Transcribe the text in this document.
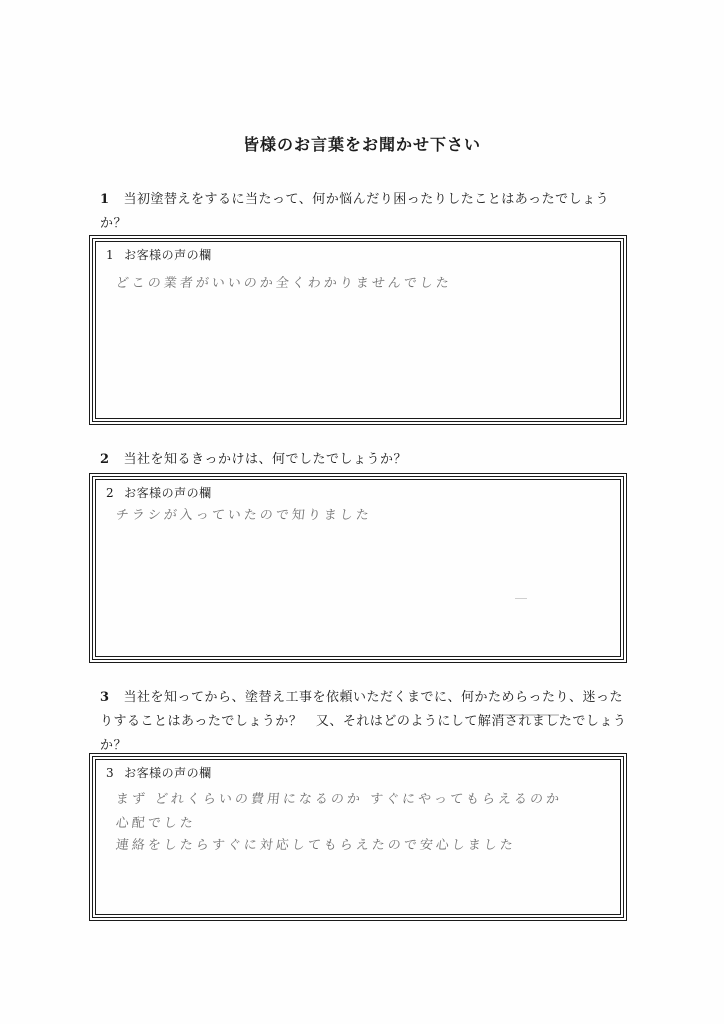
皆様のお言葉をお聞かせ下さい
1 当初塗替えをするに当たって、何か悩んだり困ったりしたことはあったでしょう
か？
1 お客様の声の欄
どこの業者がいいのか全くわかりませんでした
2 当社を知るきっかけは、何でしたでしょうか？
2 お客様の声の欄
チラシが入っていたので知りました
3 当社を知ってから、塗替え工事を依頼いただくまでに、何かためらったり、迷った
りすることはあったでしょうか？　又、それはどのようにして解消されましたでしょう
か？
3 お客様の声の欄
まず どれくらいの費用になるのか すぐにやってもらえるのか
心配でした
連絡をしたらすぐに対応してもらえたので安心しました
